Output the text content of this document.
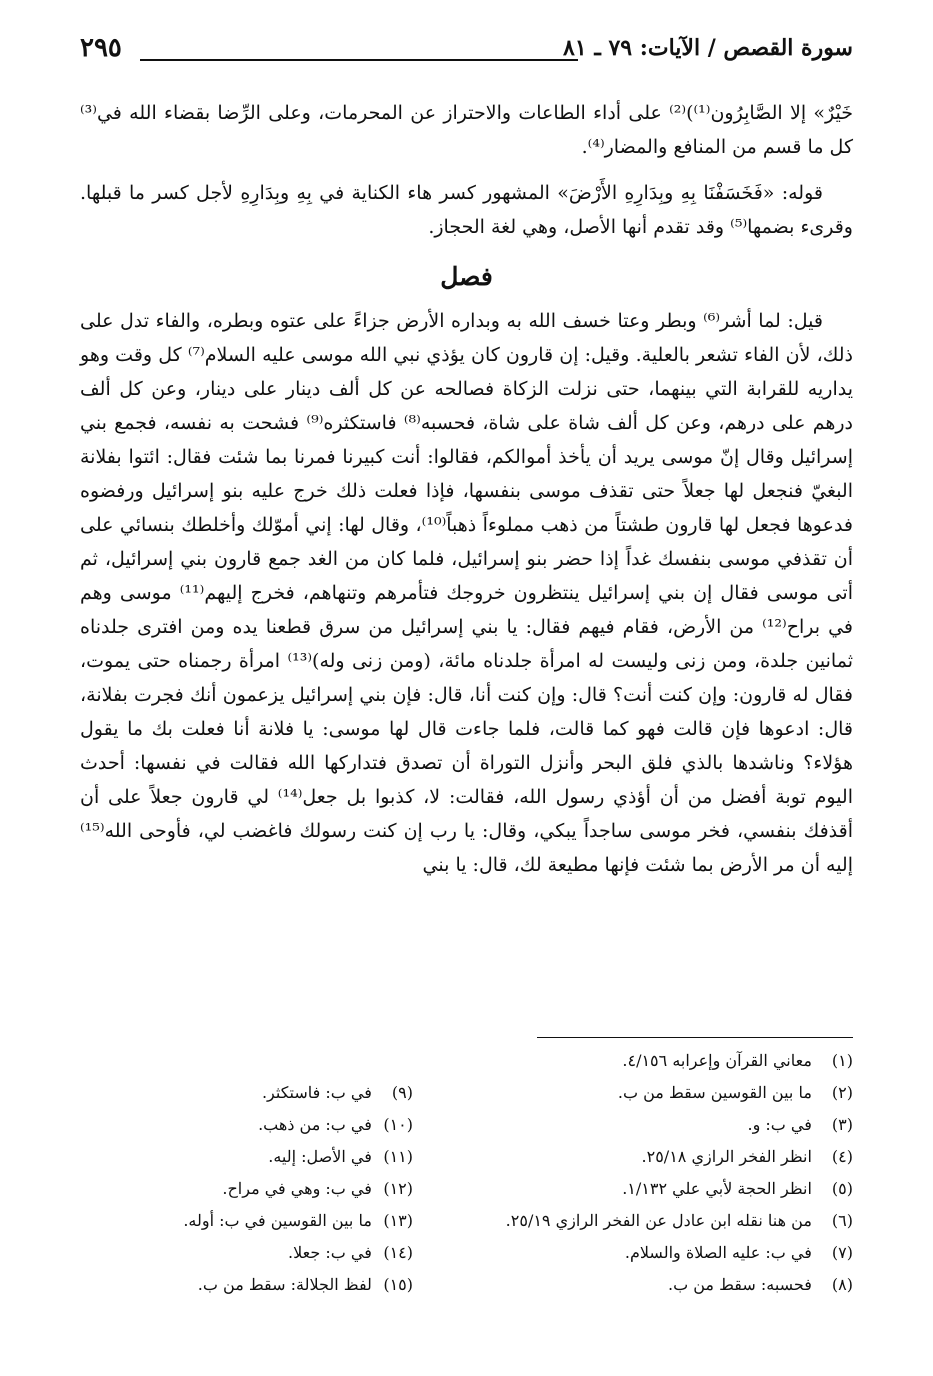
سورة القصص / الآيات: ٧٩ ـ ٨١
٢٩٥

خَيْرٌ» إلا الصَّابِرُون⁽¹⁾)⁽²⁾ على أداء الطاعات والاحتراز عن المحرمات، وعلى الرِّضا بقضاء الله في⁽³⁾ كل ما قسم من المنافع والمضار⁽⁴⁾.

قوله: «فَخَسَفْنَا بِهِ وبِدَارِهِ الأَرْضَ» المشهور كسر هاء الكناية في بِهِ وبِدَارِهِ لأجل كسر ما قبلها. وقرىء بضمها⁽⁵⁾ وقد تقدم أنها الأصل، وهي لغة الحجاز.

فصل

قيل: لما أشر⁽⁶⁾ وبطر وعتا خسف الله به وبداره الأرض جزاءً على عتوه وبطره، والفاء تدل على ذلك، لأن الفاء تشعر بالعلية. وقيل: إن قارون كان يؤذي نبي الله موسى عليه السلام⁽⁷⁾ كل وقت وهو يداريه للقرابة التي بينهما، حتى نزلت الزكاة فصالحه عن كل ألف دينار على دينار، وعن كل ألف درهم على درهم، وعن كل ألف شاة على شاة، فحسبه⁽⁸⁾ فاستكثره⁽⁹⁾ فشحت به نفسه، فجمع بني إسرائيل وقال إنّ موسى يريد أن يأخذ أموالكم، فقالوا: أنت كبيرنا فمرنا بما شئت فقال: ائتوا بفلانة البغيّ فنجعل لها جعلاً حتى تقذف موسى بنفسها، فإذا فعلت ذلك خرج عليه بنو إسرائيل ورفضوه فدعوها فجعل لها قارون طشتاً من ذهب مملوءاً ذهباً⁽¹⁰⁾، وقال لها: إني أموّلك وأخلطك بنسائي على أن تقذفي موسى بنفسك غداً إذا حضر بنو إسرائيل، فلما كان من الغد جمع قارون بني إسرائيل، ثم أتى موسى فقال إن بني إسرائيل ينتظرون خروجك فتأمرهم وتنهاهم، فخرج إليهم⁽¹¹⁾ موسى وهم في براح⁽¹²⁾ من الأرض، فقام فيهم فقال: يا بني إسرائيل من سرق قطعنا يده ومن افترى جلدناه ثمانين جلدة، ومن زنى وليست له امرأة جلدناه مائة، (ومن زنى وله)⁽¹³⁾ امرأة رجمناه حتى يموت، فقال له قارون: وإن كنت أنت؟ قال: وإن كنت أنا، قال: فإن بني إسرائيل يزعمون أنك فجرت بفلانة، قال: ادعوها فإن قالت فهو كما قالت، فلما جاءت قال لها موسى: يا فلانة أنا فعلت بك ما يقول هؤلاء؟ وناشدها بالذي فلق البحر وأنزل التوراة أن تصدق فتداركها الله فقالت في نفسها: أحدث اليوم توبة أفضل من أن أؤذي رسول الله، فقالت: لا، كذبوا بل جعل⁽¹⁴⁾ لي قارون جعلاً على أن أقذفك بنفسي، فخر موسى ساجداً يبكي، وقال: يا رب إن كنت رسولك فاغضب لي، فأوحى الله⁽¹⁵⁾ إليه أن مر الأرض بما شئت فإنها مطيعة لك، قال: يا بني

(١) معاني القرآن وإعرابه ٤/١٥٦.
(٢) ما بين القوسين سقط من ب.
(٣) في ب: و.
(٤) انظر الفخر الرازي ٢٥/١٨.
(٥) انظر الحجة لأبي علي ١/١٣٢.
(٦) من هنا نقله ابن عادل عن الفخر الرازي ٢٥/١٩.
(٧) في ب: عليه الصلاة والسلام.
(٨) فحسبه: سقط من ب.
(٩) في ب: فاستكثر.
(١٠) في ب: من ذهب.
(١١) في الأصل: إليه.
(١٢) في ب: وهي في مراح.
(١٣) ما بين القوسين في ب: أوله.
(١٤) في ب: جعلا.
(١٥) لفظ الجلالة: سقط من ب.
